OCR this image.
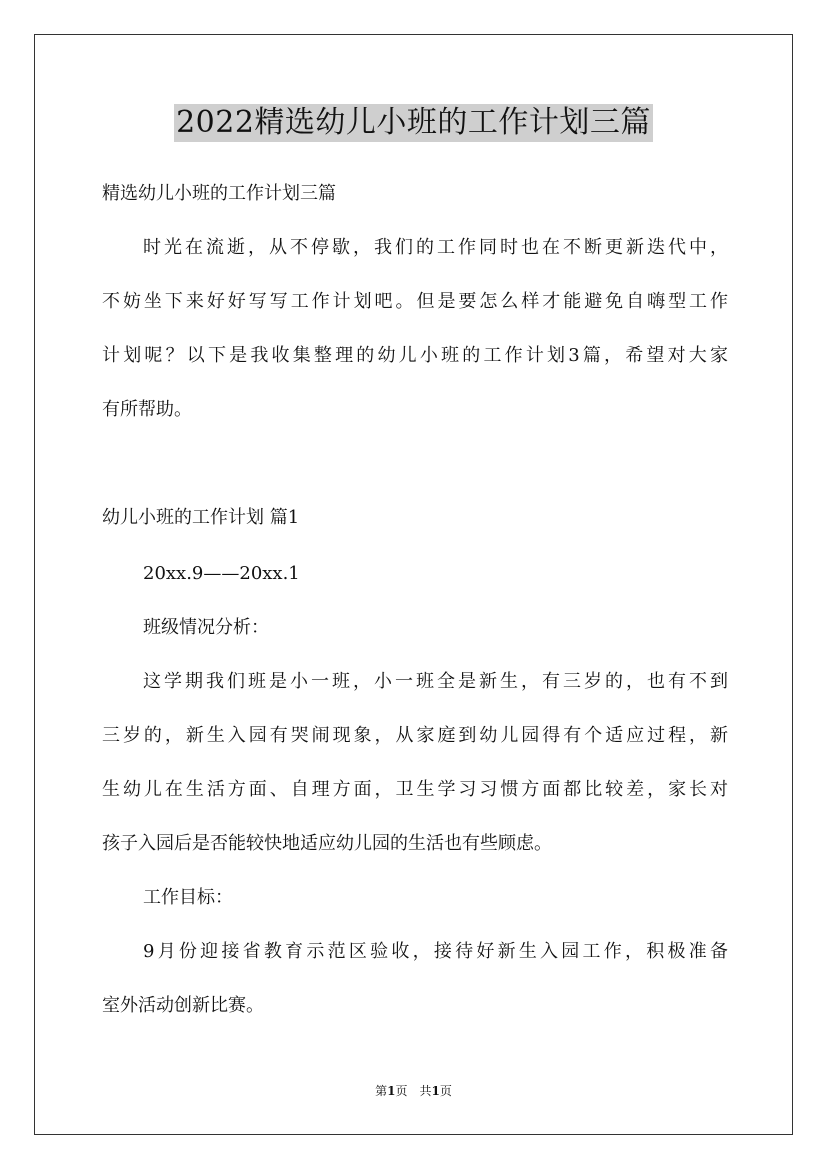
2022精选幼儿小班的工作计划三篇
精选幼儿小班的工作计划三篇
时光在流逝，从不停歇，我们的工作同时也在不断更新迭代中，
不妨坐下来好好写写工作计划吧。但是要怎么样才能避免自嗨型工作
计划呢？以下是我收集整理的幼儿小班的工作计划3篇，希望对大家
有所帮助。
幼儿小班的工作计划 篇1
20xx.9——20xx.1
班级情况分析：
这学期我们班是小一班，小一班全是新生，有三岁的，也有不到
三岁的，新生入园有哭闹现象，从家庭到幼儿园得有个适应过程，新
生幼儿在生活方面、自理方面，卫生学习习惯方面都比较差，家长对
孩子入园后是否能较快地适应幼儿园的生活也有些顾虑。
工作目标：
9月份迎接省教育示范区验收，接待好新生入园工作，积极准备
室外活动创新比赛。
第1页　共1页
